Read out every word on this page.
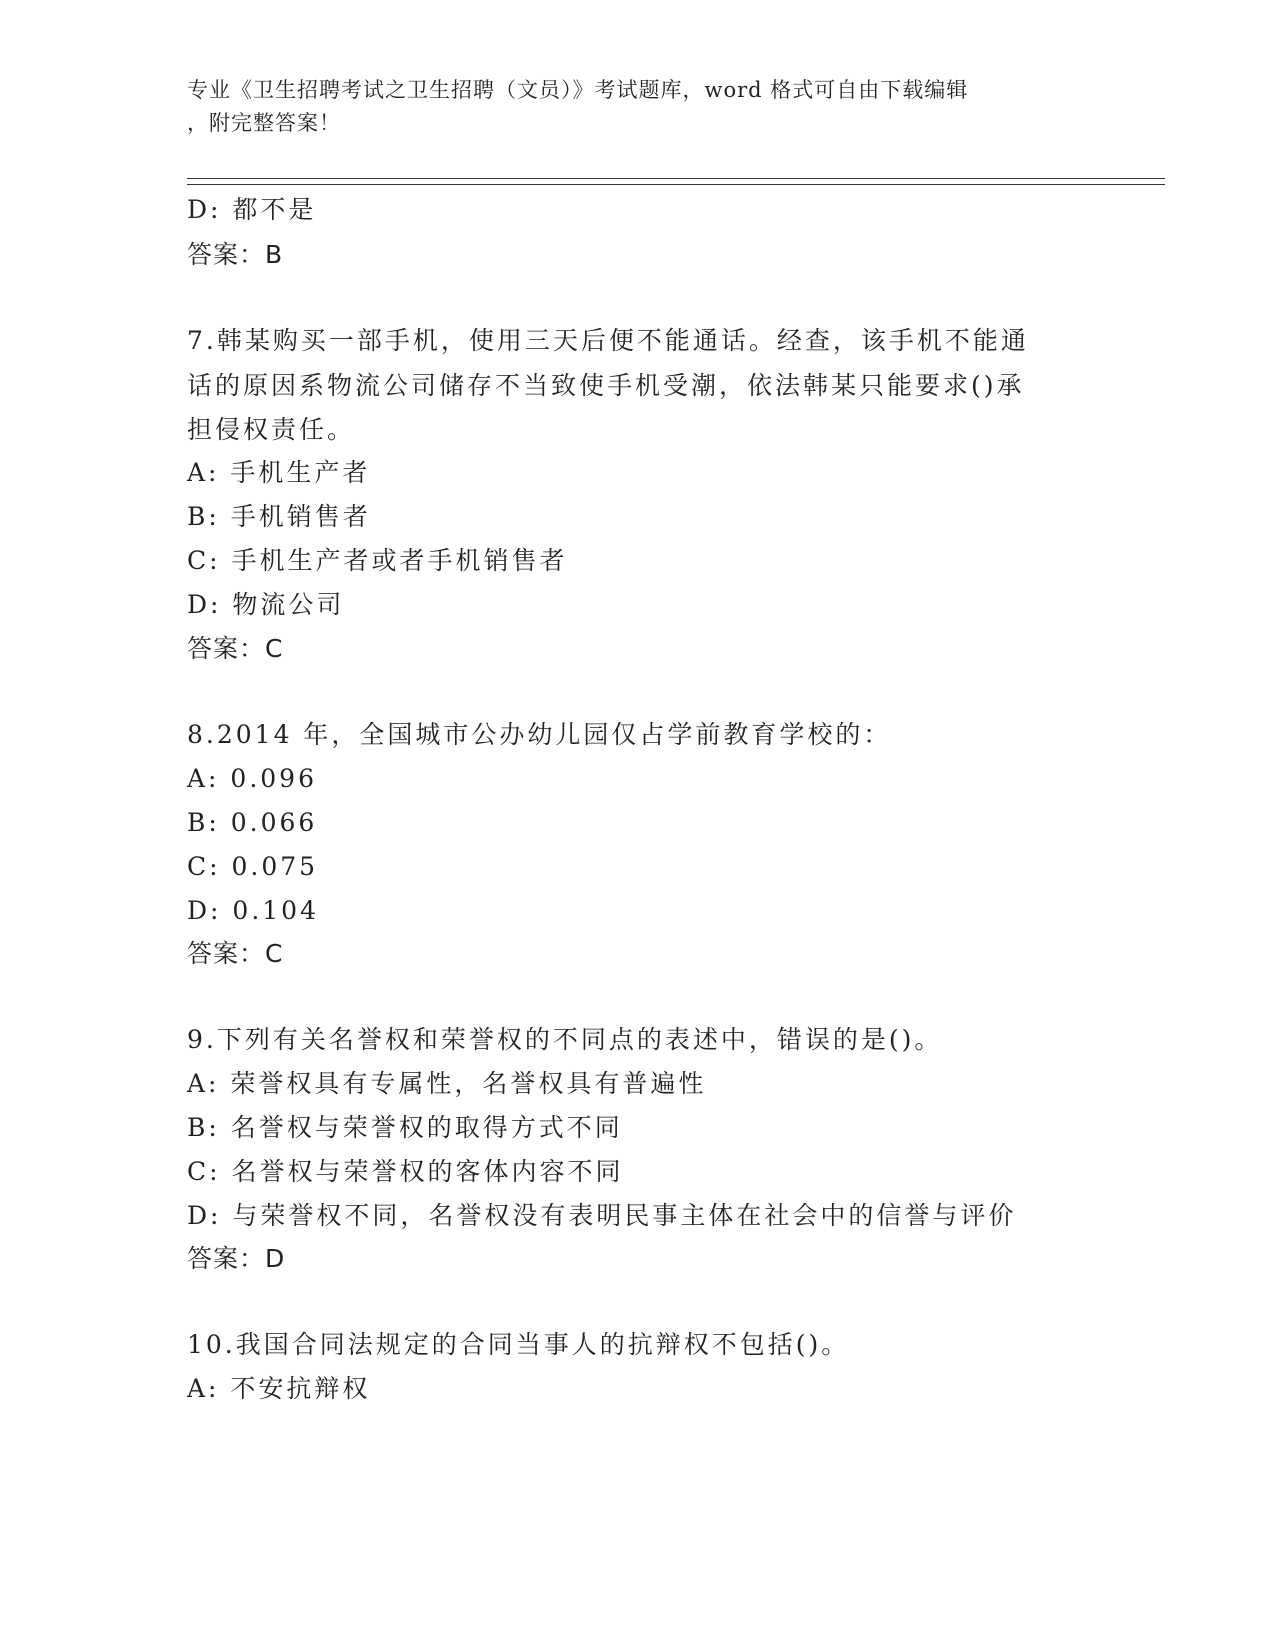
专业《卫生招聘考试之卫生招聘（文员）》考试题库，word 格式可自由下载编辑
，附完整答案！
D: 都不是
答案：B
7.韩某购买一部手机，使用三天后便不能通话。经查，该手机不能通
话的原因系物流公司储存不当致使手机受潮，依法韩某只能要求()承
担侵权责任。
A: 手机生产者
B: 手机销售者
C: 手机生产者或者手机销售者
D: 物流公司
答案：C
8.2014 年，全国城市公办幼儿园仅占学前教育学校的：
A: 0.096
B: 0.066
C: 0.075
D: 0.104
答案：C
9.下列有关名誉权和荣誉权的不同点的表述中，错误的是()。
A: 荣誉权具有专属性，名誉权具有普遍性
B: 名誉权与荣誉权的取得方式不同
C: 名誉权与荣誉权的客体内容不同
D: 与荣誉权不同，名誉权没有表明民事主体在社会中的信誉与评价
答案：D
10.我国合同法规定的合同当事人的抗辩权不包括()。
A: 不安抗辩权
